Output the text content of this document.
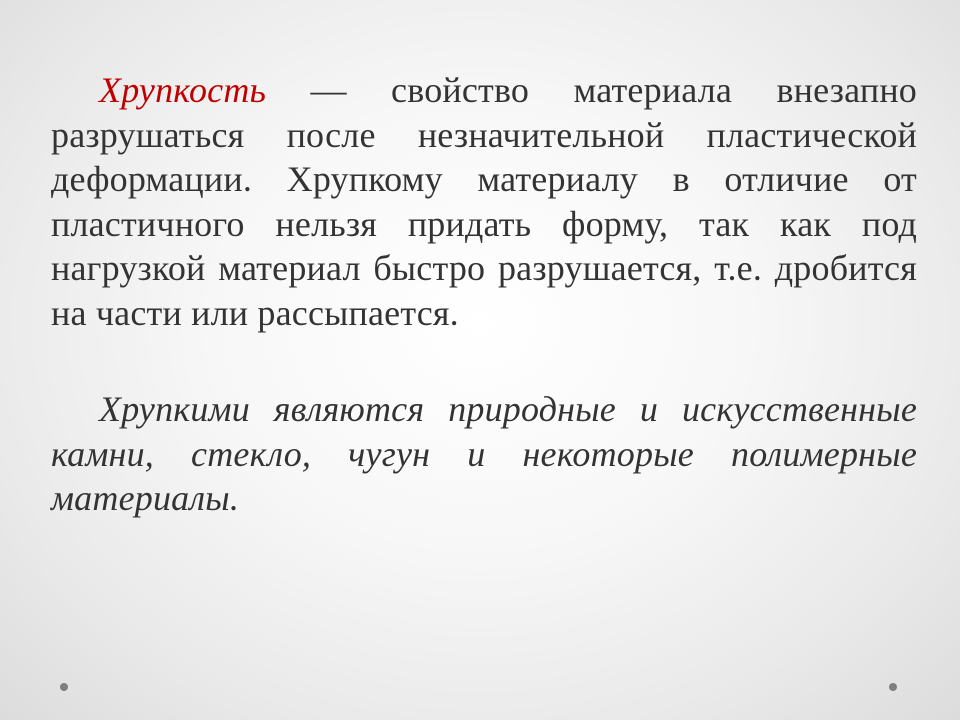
Хрупкость — свойство материала внезапно разрушаться после незначительной пластической деформации. Хрупкому материалу в отличие от пластичного нельзя придать форму, так как под нагрузкой материал быстро разрушается, т.е. дробится на части или рассыпается.

Хрупкими являются природные и искусственные камни, стекло, чугун и некоторые полимерные материалы.
